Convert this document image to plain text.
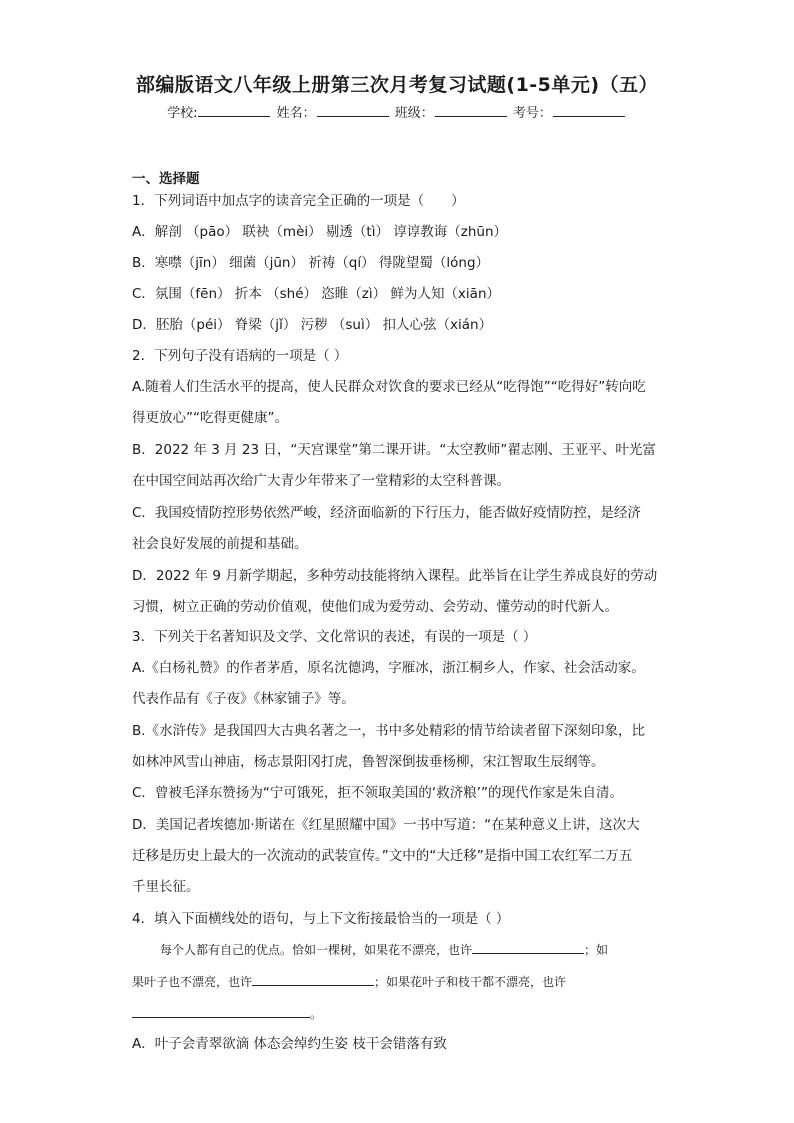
部编版语文八年级上册第三次月考复习试题(1-5单元)（五）
学校:	姓名：	班级：	考号：
一、选择题
1．下列词语中加点字的读音完全正确的一项是（　　）
A．解剖 （pāo） 联袂（mèi） 剔透（tì） 谆谆教诲（zhūn）
B．寒噤（jīn） 细菌（jūn） 祈祷（qí） 得陇望蜀（lóng）
C．氛围（fēn） 折本 （shé） 恣睢（zì） 鲜为人知（xiān）
D．胚胎（péi） 脊梁（jǐ） 污秽 （suì） 扣人心弦（xián）
2．下列句子没有语病的一项是（ ）
A.随着人们生活水平的提高，使人民群众对饮食的要求已经从“吃得饱”“吃得好”转向吃
得更放心”“吃得更健康”。
B．2022 年 3 月 23 日，“天宫课堂”第二课开讲。“太空教师”翟志刚、王亚平、叶光富
在中国空间站再次给广大青少年带来了一堂精彩的太空科普课。
C．我国疫情防控形势依然严峻，经济面临新的下行压力，能否做好疫情防控，是经济
社会良好发展的前提和基础。
D．2022 年 9 月新学期起，多种劳动技能将纳入课程。此举旨在让学生养成良好的劳动
习惯，树立正确的劳动价值观，使他们成为爱劳动、会劳动、懂劳动的时代新人。
3．下列关于名著知识及文学、文化常识的表述，有误的一项是（ ）
A.《白杨礼赞》的作者茅盾，原名沈德鸿，字雁冰，浙江桐乡人，作家、社会活动家。
代表作品有《子夜》《林家铺子》等。
B.《水浒传》是我国四大古典名著之一，书中多处精彩的情节给读者留下深刻印象，比
如林冲风雪山神庙，杨志景阳冈打虎，鲁智深倒拔垂杨柳，宋江智取生辰纲等。
C．曾被毛泽东赞扬为“宁可饿死，拒不领取美国的‘救济粮’”的现代作家是朱自清。
D．美国记者埃德加·斯诺在《红星照耀中国》一书中写道：“在某种意义上讲，这次大
迁移是历史上最大的一次流动的武装宣传。”文中的“大迁移”是指中国工农红军二万五
千里长征。
4．填入下面横线处的语句，与上下文衔接最恰当的一项是（ ）
每个人都有自己的优点。恰如一棵树，如果花不漂亮，也许	；如
果叶子也不漂亮，也许	；如果花叶子和枝干都不漂亮，也许
。
A．叶子会青翠欲滴 体态会绰约生姿 枝干会错落有致
